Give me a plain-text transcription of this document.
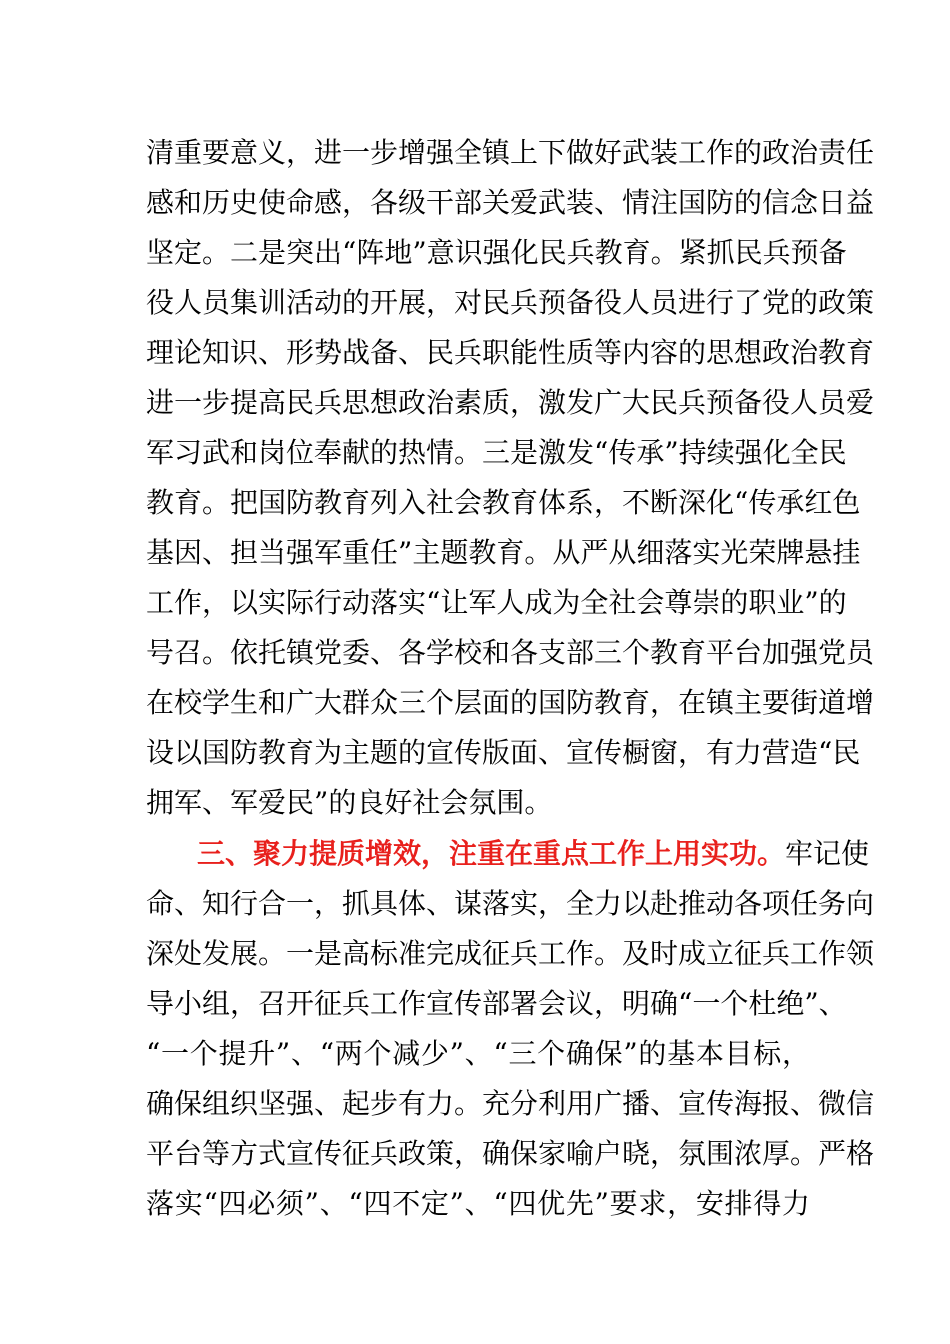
清重要意义，进一步增强全镇上下做好武装工作的政治责任
感和历史使命感，各级干部关爱武装、情注国防的信念日益
坚定。二是突出“阵地”意识强化民兵教育。紧抓民兵预备
役人员集训活动的开展，对民兵预备役人员进行了党的政策
理论知识、形势战备、民兵职能性质等内容的思想政治教育
进一步提高民兵思想政治素质，激发广大民兵预备役人员爱
军习武和岗位奉献的热情。三是激发“传承”持续强化全民
教育。把国防教育列入社会教育体系，不断深化“传承红色
基因、担当强军重任”主题教育。从严从细落实光荣牌悬挂
工作，以实际行动落实“让军人成为全社会尊崇的职业”的
号召。依托镇党委、各学校和各支部三个教育平台加强党员
在校学生和广大群众三个层面的国防教育，在镇主要街道增
设以国防教育为主题的宣传版面、宣传橱窗，有力营造“民
拥军、军爱民”的良好社会氛围。
三、聚力提质增效，注重在重点工作上用实功。牢记使
命、知行合一，抓具体、谋落实，全力以赴推动各项任务向
深处发展。一是高标准完成征兵工作。及时成立征兵工作领
导小组，召开征兵工作宣传部署会议，明确“一个杜绝”、
“一个提升”、“两个减少”、“三个确保”的基本目标，
确保组织坚强、起步有力。充分利用广播、宣传海报、微信
平台等方式宣传征兵政策，确保家喻户晓，氛围浓厚。严格
落实“四必须”、“四不定”、“四优先”要求，安排得力
